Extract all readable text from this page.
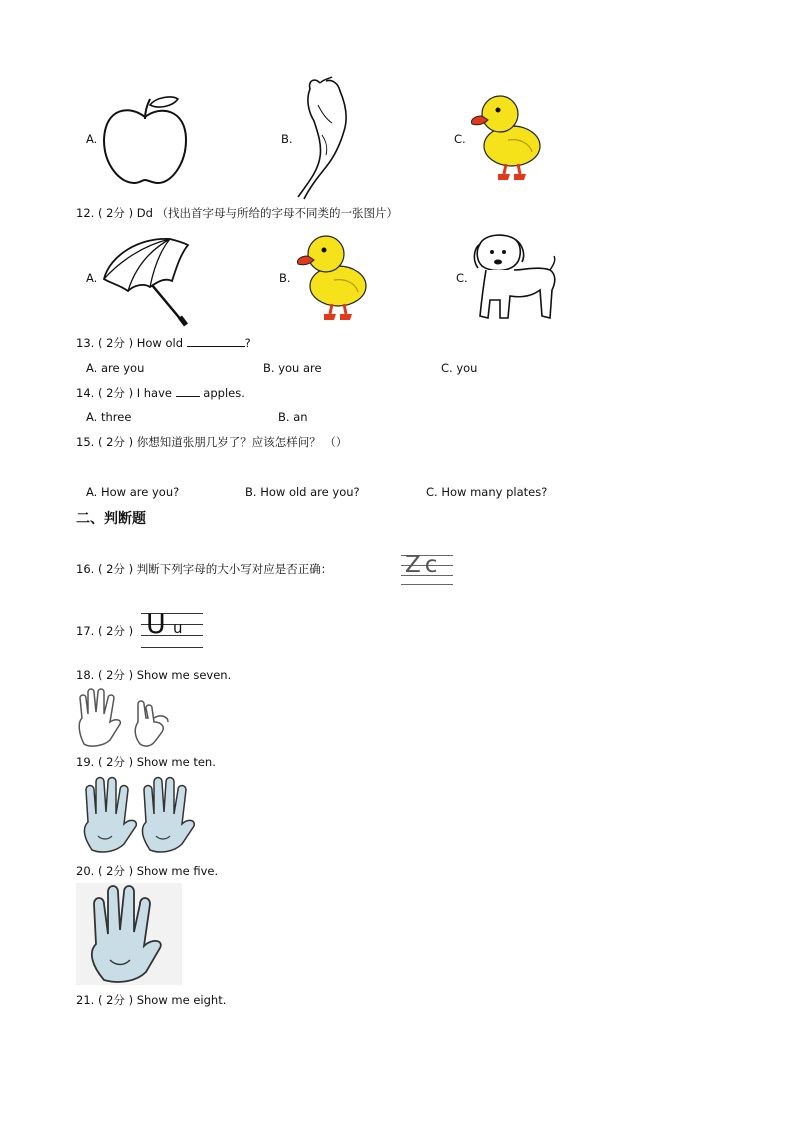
A.	B.	C.
12. ( 2分 ) Dd （找出首字母与所给的字母不同类的一张图片）
A.	B.	C.
13. ( 2分 ) How old	?
A. are you	B. you are	C. you
14. ( 2分 ) I have	apples.
A. three	B. an
15. ( 2分 ) 你想知道张朋几岁了？应该怎样问？ （）
A. How are you?	B. How old are you?	C. How many plates?
二、判断题
16. ( 2分 ) 判断下列字母的大小写对应是否正确：	Zc
17. ( 2分 ) U u
18. ( 2分 ) Show me seven.
19. ( 2分 ) Show me ten.
20. ( 2分 ) Show me five.
21. ( 2分 ) Show me eight.
